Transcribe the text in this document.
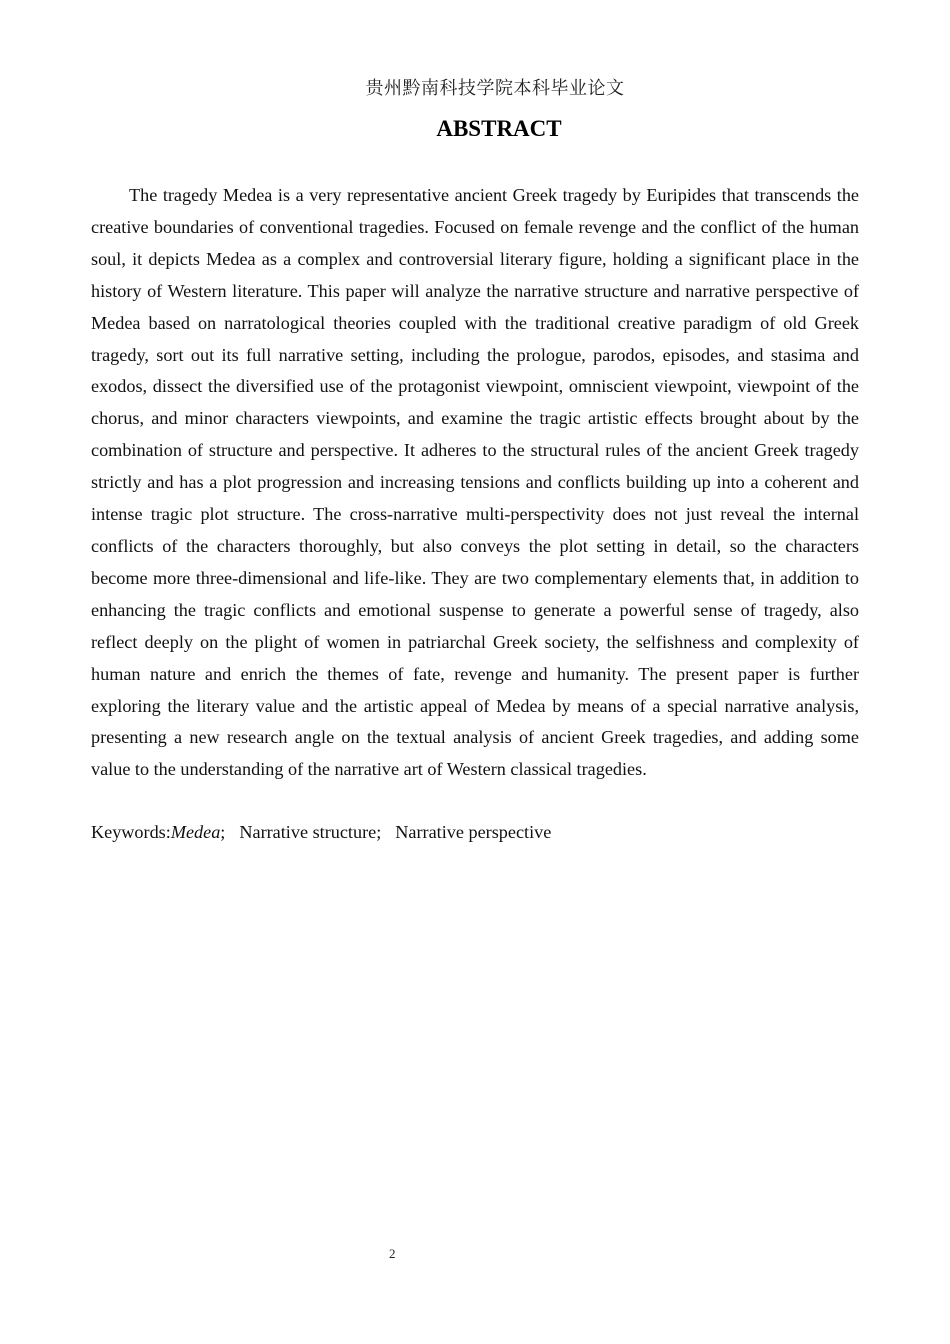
贵州黔南科技学院本科毕业论文
ABSTRACT

The tragedy Medea is a very representative ancient Greek tragedy by Euripides that transcends the creative boundaries of conventional tragedies. Focused on female revenge and the conflict of the human soul, it depicts Medea as a complex and controversial literary figure, holding a significant place in the history of Western literature. This paper will analyze the narrative structure and narrative perspective of Medea based on narratological theories coupled with the traditional creative paradigm of old Greek tragedy, sort out its full narrative setting, including the prologue, parodos, episodes, and stasima and exodos, dissect the diversified use of the protagonist viewpoint, omniscient viewpoint, viewpoint of the chorus, and minor characters viewpoints, and examine the tragic artistic effects brought about by the combination of structure and perspective. It adheres to the structural rules of the ancient Greek tragedy strictly and has a plot progression and increasing tensions and conflicts building up into a coherent and intense tragic plot structure. The cross-narrative multi-perspectivity does not just reveal the internal conflicts of the characters thoroughly, but also conveys the plot setting in detail, so the characters become more three-dimensional and life-like. They are two complementary elements that, in addition to enhancing the tragic conflicts and emotional suspense to generate a powerful sense of tragedy, also reflect deeply on the plight of women in patriarchal Greek society, the selfishness and complexity of human nature and enrich the themes of fate, revenge and humanity. The present paper is further exploring the literary value and the artistic appeal of Medea by means of a special narrative analysis, presenting a new research angle on the textual analysis of ancient Greek tragedies, and adding some value to the understanding of the narrative art of Western classical tragedies.

Keywords:Medea; Narrative structure; Narrative perspective
2
